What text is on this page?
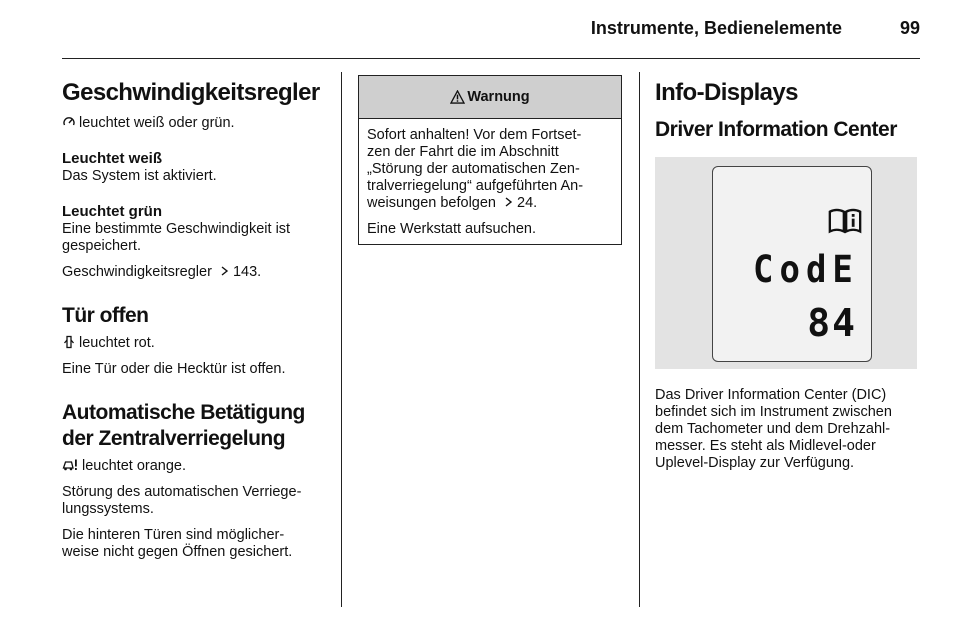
Instrumente, Bedienelemente	99
Geschwindigkeitsregler

leuchtet weiß oder grün.

Leuchtet weiß

Das System ist aktiviert.

Leuchtet grün

Eine bestimmte Geschwindigkeit ist

gespeichert.

Geschwindigkeitsregler 143.

Tür offen

leuchtet rot.

Eine Tür oder die Hecktür ist offen.

Automatische Betätigung
der Zentralverriegelung

leuchtet orange.

Störung des automatischen Verriege‐

lungssystems.

Die hinteren Türen sind möglicher‐

weise nicht gegen Öffnen gesichert.

Warnung

Sofort anhalten! Vor dem Fortset‐

zen der Fahrt die im Abschnitt

„Störung der automatischen Zen‐

tralverriegelung“ aufgeführten An‐

weisungen befolgen 24.

Eine Werkstatt aufsuchen.

Info-Displays
Driver Information Center
CodE
84

Das Driver Information Center (DIC)

befindet sich im Instrument zwischen

dem Tachometer und dem Drehzahl‐

messer. Es steht als Midlevel-oder

Uplevel-Display zur Verfügung.
